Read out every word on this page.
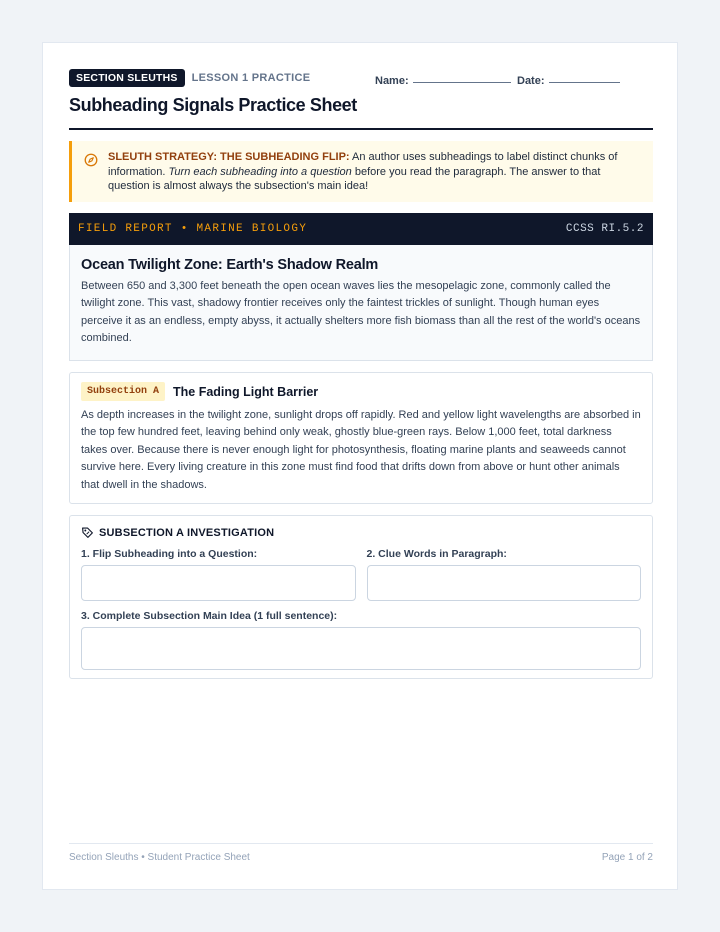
SECTION SLEUTHS	LESSON 1 PRACTICE	Name:	Date:
Subheading Signals Practice Sheet
SLEUTH STRATEGY: THE SUBHEADING FLIP: An author uses subheadings to label distinct chunks of information. Turn each subheading into a question before you read the paragraph. The answer to that question is almost always the subsection's main idea!
FIELD REPORT • MARINE BIOLOGY	CCSS RI.5.2
Ocean Twilight Zone: Earth's Shadow Realm
Between 650 and 3,300 feet beneath the open ocean waves lies the mesopelagic zone, commonly called the twilight zone. This vast, shadowy frontier receives only the faintest trickles of sunlight. Though human eyes perceive it as an endless, empty abyss, it actually shelters more fish biomass than all the rest of the world's oceans combined.
Subsection A	The Fading Light Barrier
As depth increases in the twilight zone, sunlight drops off rapidly. Red and yellow light wavelengths are absorbed in the top few hundred feet, leaving behind only weak, ghostly blue-green rays. Below 1,000 feet, total darkness takes over. Because there is never enough light for photosynthesis, floating marine plants and seaweeds cannot survive here. Every living creature in this zone must find food that drifts down from above or hunt other animals that dwell in the shadows.
SUBSECTION A INVESTIGATION
1. Flip Subheading into a Question:	2. Clue Words in Paragraph:
3. Complete Subsection Main Idea (1 full sentence):
Section Sleuths • Student Practice Sheet	Page 1 of 2
